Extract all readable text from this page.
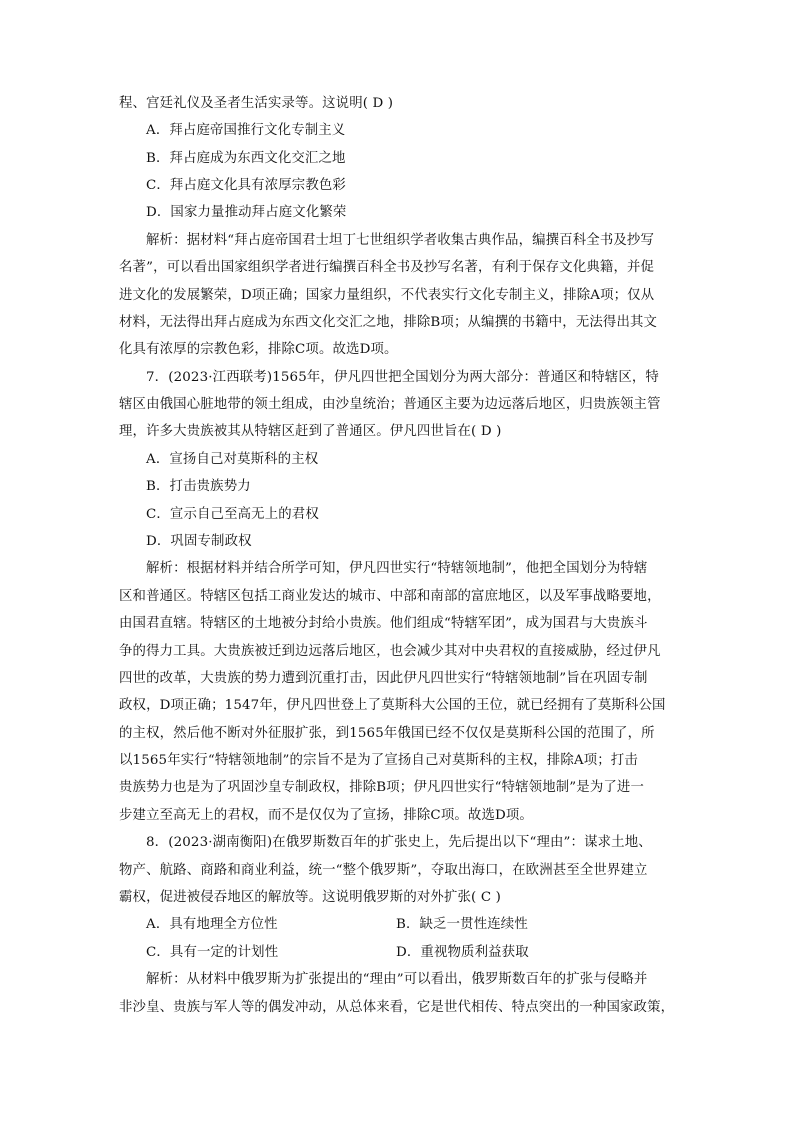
程、宫廷礼仪及圣者生活实录等。这说明( D )
A．拜占庭帝国推行文化专制主义
B．拜占庭成为东西文化交汇之地
C．拜占庭文化具有浓厚宗教色彩
D．国家力量推动拜占庭文化繁荣
解析：据材料“拜占庭帝国君士坦丁七世组织学者收集古典作品，编撰百科全书及抄写
名著”，可以看出国家组织学者进行编撰百科全书及抄写名著，有利于保存文化典籍，并促
进文化的发展繁荣，D项正确；国家力量组织，不代表实行文化专制主义，排除A项；仅从
材料，无法得出拜占庭成为东西文化交汇之地，排除B项；从编撰的书籍中，无法得出其文
化具有浓厚的宗教色彩，排除C项。故选D项。
7．(2023·江西联考)1565年，伊凡四世把全国划分为两大部分：普通区和特辖区，特
辖区由俄国心脏地带的领土组成，由沙皇统治；普通区主要为边远落后地区，归贵族领主管
理，许多大贵族被其从特辖区赶到了普通区。伊凡四世旨在( D )
A．宣扬自己对莫斯科的主权
B．打击贵族势力
C．宣示自己至高无上的君权
D．巩固专制政权
解析：根据材料并结合所学可知，伊凡四世实行“特辖领地制”，他把全国划分为特辖
区和普通区。特辖区包括工商业发达的城市、中部和南部的富庶地区，以及军事战略要地，
由国君直辖。特辖区的土地被分封给小贵族。他们组成“特辖军团”，成为国君与大贵族斗
争的得力工具。大贵族被迁到边远落后地区，也会减少其对中央君权的直接威胁，经过伊凡
四世的改革，大贵族的势力遭到沉重打击，因此伊凡四世实行“特辖领地制”旨在巩固专制
政权，D项正确；1547年，伊凡四世登上了莫斯科大公国的王位，就已经拥有了莫斯科公国
的主权，然后他不断对外征服扩张，到1565年俄国已经不仅仅是莫斯科公国的范围了，所
以1565年实行“特辖领地制”的宗旨不是为了宣扬自己对莫斯科的主权，排除A项；打击
贵族势力也是为了巩固沙皇专制政权，排除B项；伊凡四世实行“特辖领地制”是为了进一
步建立至高无上的君权，而不是仅仅为了宣扬，排除C项。故选D项。
8．(2023·湖南衡阳)在俄罗斯数百年的扩张史上，先后提出以下“理由”：谋求土地、
物产、航路、商路和商业利益，统一“整个俄罗斯”，夺取出海口，在欧洲甚至全世界建立
霸权，促进被侵吞地区的解放等。这说明俄罗斯的对外扩张( C )
A．具有地理全方位性	B．缺乏一贯性连续性
C．具有一定的计划性	D．重视物质利益获取
解析：从材料中俄罗斯为扩张提出的“理由”可以看出，俄罗斯数百年的扩张与侵略并
非沙皇、贵族与军人等的偶发冲动，从总体来看，它是世代相传、特点突出的一种国家政策，
